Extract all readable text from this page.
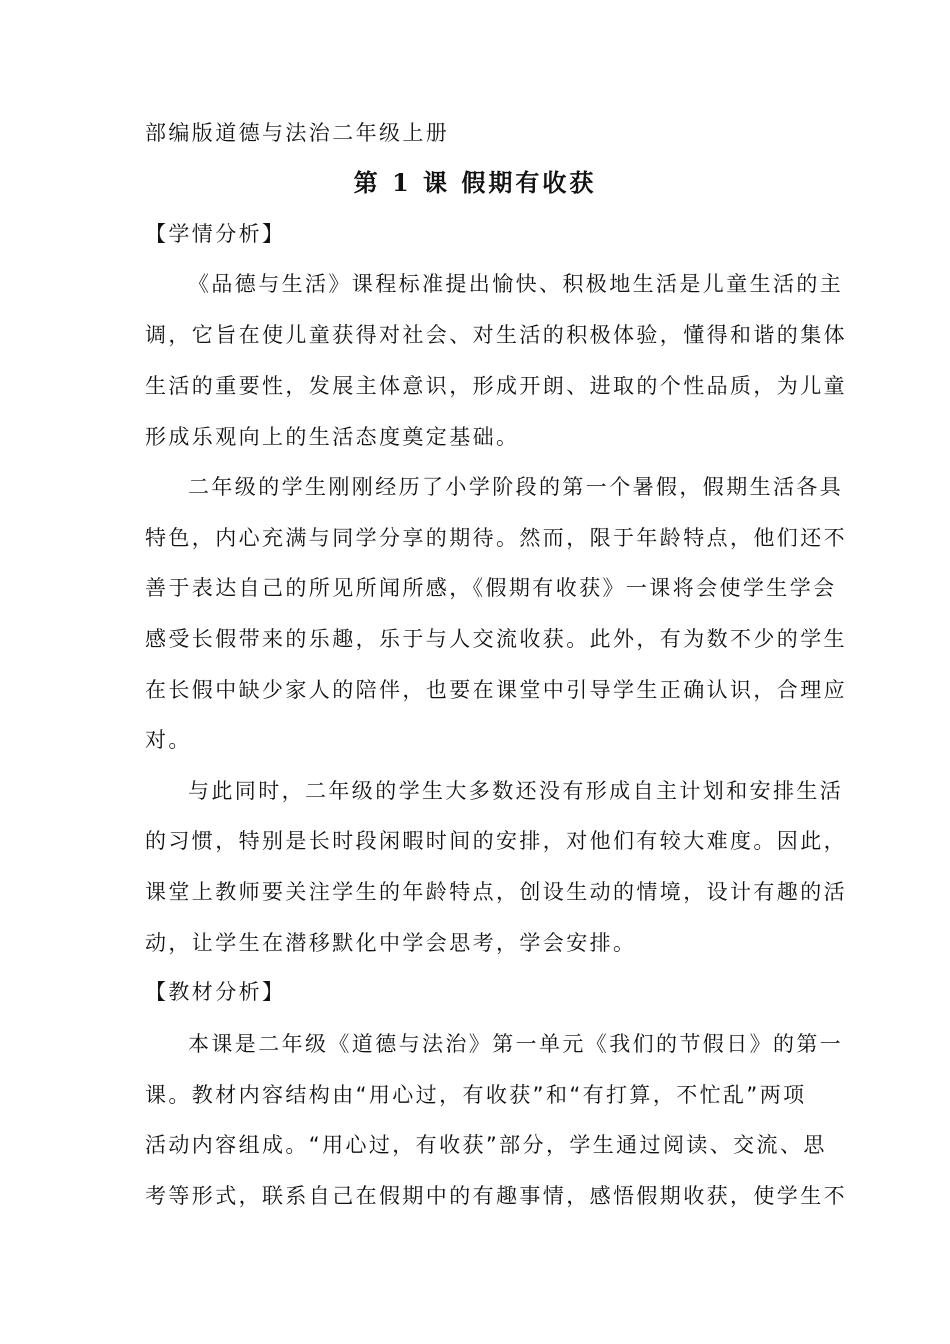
部编版道德与法治二年级上册
第 1 课 假期有收获
【学情分析】
《品德与生活》课程标准提出愉快、积极地生活是儿童生活的主
调，它旨在使儿童获得对社会、对生活的积极体验，懂得和谐的集体
生活的重要性，发展主体意识，形成开朗、进取的个性品质，为儿童
形成乐观向上的生活态度奠定基础。
二年级的学生刚刚经历了小学阶段的第一个暑假，假期生活各具
特色，内心充满与同学分享的期待。然而，限于年龄特点，他们还不
善于表达自己的所见所闻所感，《假期有收获》一课将会使学生学会
感受长假带来的乐趣，乐于与人交流收获。此外，有为数不少的学生
在长假中缺少家人的陪伴，也要在课堂中引导学生正确认识，合理应
对。
与此同时，二年级的学生大多数还没有形成自主计划和安排生活
的习惯，特别是长时段闲暇时间的安排，对他们有较大难度。因此，
课堂上教师要关注学生的年龄特点，创设生动的情境，设计有趣的活
动，让学生在潜移默化中学会思考，学会安排。
【教材分析】
本课是二年级《道德与法治》第一单元《我们的节假日》的第一
课。教材内容结构由“用心过，有收获”和“有打算，不忙乱”两项
活动内容组成。“用心过，有收获”部分，学生通过阅读、交流、思
考等形式，联系自己在假期中的有趣事情，感悟假期收获，使学生不
